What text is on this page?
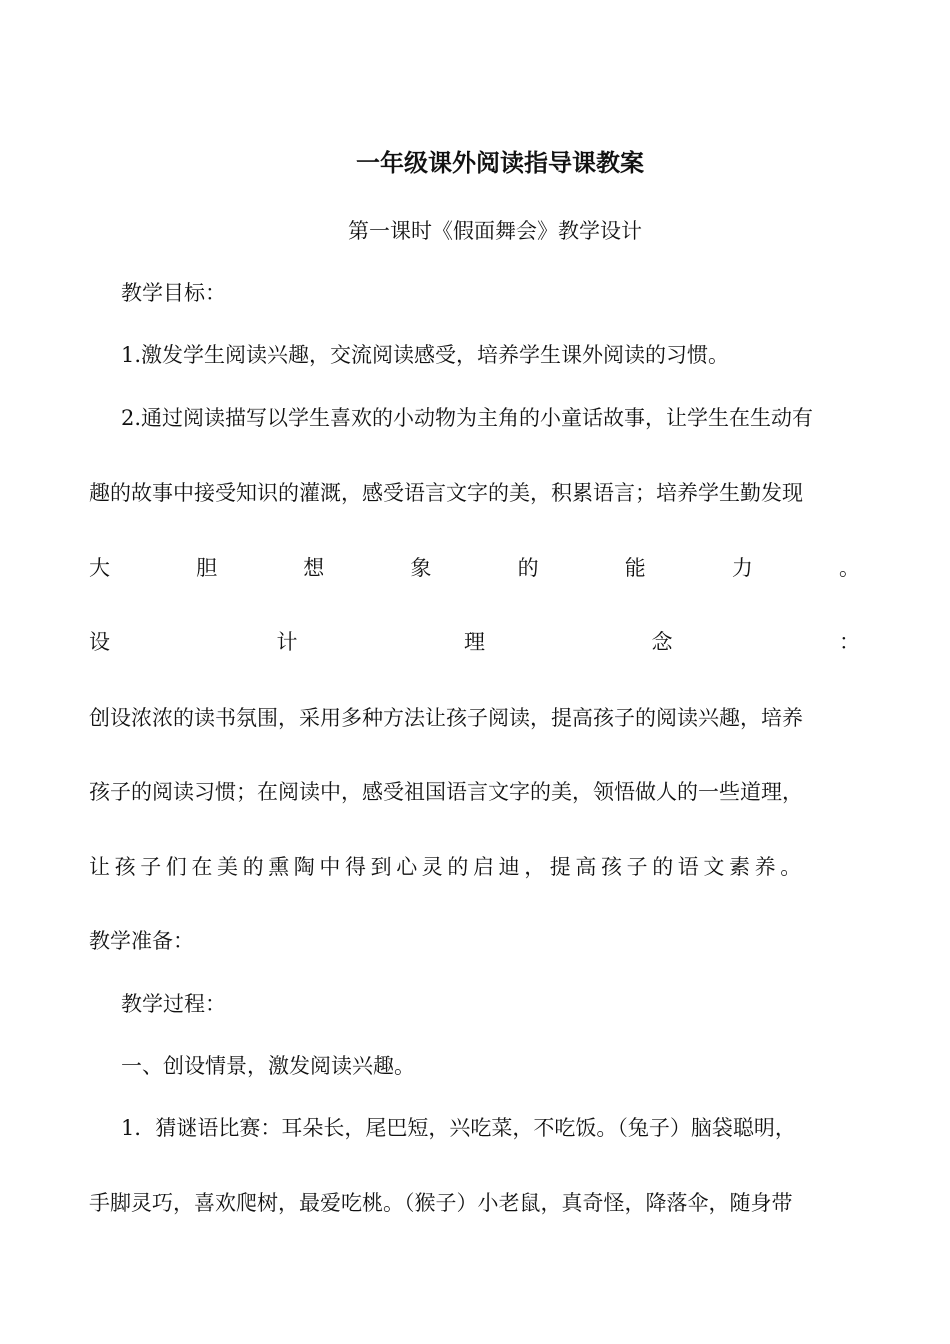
一年级课外阅读指导课教案

第一课时《假面舞会》教学设计

教学目标：

1.激发学生阅读兴趣，交流阅读感受，培养学生课外阅读的习惯。

2.通过阅读描写以学生喜欢的小动物为主角的小童话故事，让学生在生动有

趣的故事中接受知识的灌溉，感受语言文字的美，积累语言；培养学生勤发现

大	胆	想	象	的	能	力	。

设	计	理	念	：

创设浓浓的读书氛围，采用多种方法让孩子阅读，提高孩子的阅读兴趣，培养

孩子的阅读习惯；在阅读中，感受祖国语言文字的美，领悟做人的一些道理，

让孩子们在美的熏陶中得到心灵的启迪，提高孩子的语文素养。

教学准备：

教学过程：

一、创设情景，激发阅读兴趣。

1．猜谜语比赛：耳朵长，尾巴短，兴吃菜，不吃饭。（兔子）脑袋聪明，

手脚灵巧，喜欢爬树，最爱吃桃。（猴子）小老鼠，真奇怪，降落伞，随身带
